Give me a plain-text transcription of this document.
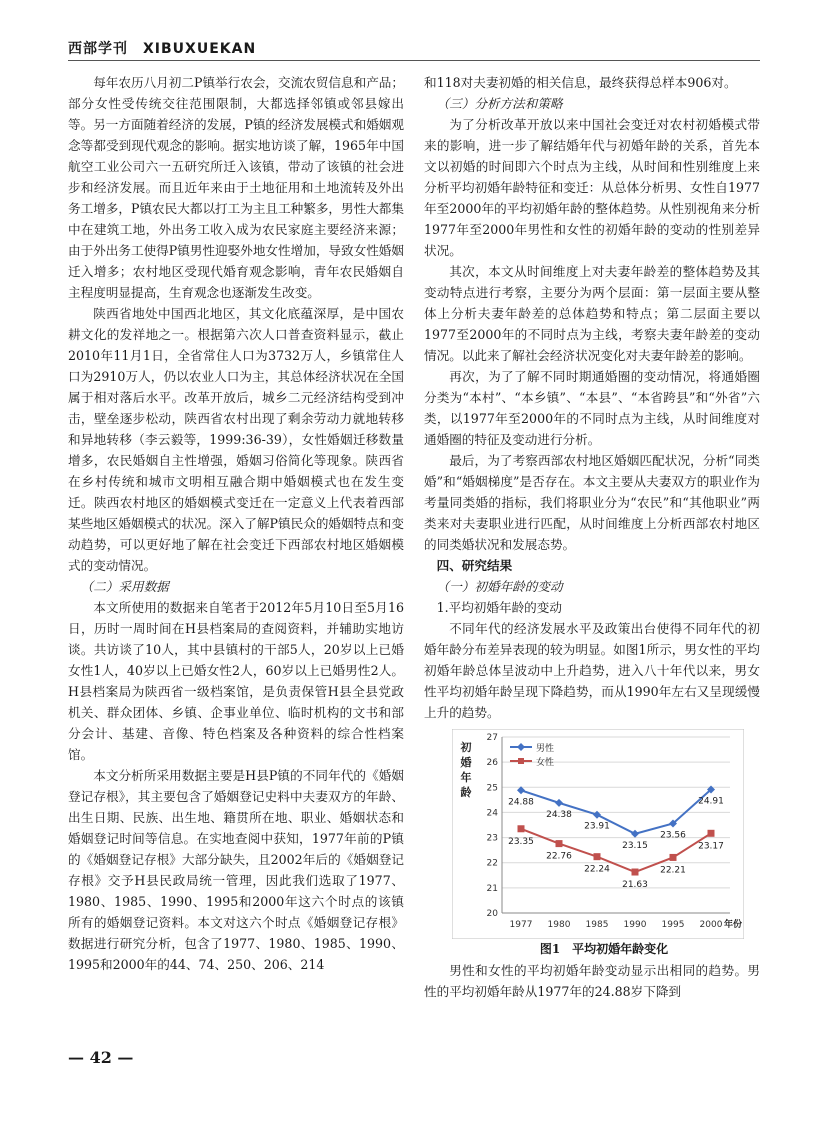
西部学刊　XIBUXUEKAN

每年农历八月初二P镇举行农会，交流农贸信息和产品；部分女性受传统交往范围限制，大都选择邻镇或邻县嫁出等。另一方面随着经济的发展，P镇的经济发展模式和婚姻观念等都受到现代观念的影响。据实地访谈了解，1965年中国航空工业公司六一五研究所迁入该镇，带动了该镇的社会进步和经济发展。而且近年来由于土地征用和土地流转及外出务工增多，P镇农民大都以打工为主且工种繁多，男性大都集中在建筑工地，外出务工收入成为农民家庭主要经济来源；由于外出务工使得P镇男性迎娶外地女性增加，导致女性婚姻迁入增多；农村地区受现代婚育观念影响，青年农民婚姻自主程度明显提高，生育观念也逐渐发生改变。

陕西省地处中国西北地区，其文化底蕴深厚，是中国农耕文化的发祥地之一。根据第六次人口普查资料显示，截止2010年11月1日，全省常住人口为3732万人，乡镇常住人口为2910万人，仍以农业人口为主，其总体经济状况在全国属于相对落后水平。改革开放后，城乡二元经济结构受到冲击，壁垒逐步松动，陕西省农村出现了剩余劳动力就地转移和异地转移（李云毅等，1999:36-39），女性婚姻迁移数量增多，农民婚姻自主性增强，婚姻习俗简化等现象。陕西省在乡村传统和城市文明相互融合期中婚姻模式也在发生变迁。陕西农村地区的婚姻模式变迁在一定意义上代表着西部某些地区婚姻模式的状况。深入了解P镇民众的婚姻特点和变动趋势，可以更好地了解在社会变迁下西部农村地区婚姻模式的变动情况。

（二）采用数据

本文所使用的数据来自笔者于2012年5月10日至5月16日，历时一周时间在H县档案局的查阅资料，并辅助实地访谈。共访谈了10人，其中县镇村的干部5人，20岁以上已婚女性1人，40岁以上已婚女性2人，60岁以上已婚男性2人。H县档案局为陕西省一级档案馆，是负责保管H县全县党政机关、群众团体、乡镇、企事业单位、临时机构的文书和部分会计、基建、音像、特色档案及各种资料的综合性档案馆。

本文分析所采用数据主要是H县P镇的不同年代的《婚姻登记存根》，其主要包含了婚姻登记史料中夫妻双方的年龄、出生日期、民族、出生地、籍贯所在地、职业、婚姻状态和婚姻登记时间等信息。在实地查阅中获知，1977年前的P镇的《婚姻登记存根》大部分缺失，且2002年后的《婚姻登记存根》交予H县民政局统一管理，因此我们选取了1977、1980、1985、1990、1995和2000年这六个时点的该镇所有的婚姻登记资料。本文对这六个时点《婚姻登记存根》数据进行研究分析，包含了1977、1980、1985、1990、1995和2000年的44、74、250、206、214

和118对夫妻初婚的相关信息，最终获得总样本906对。

（三）分析方法和策略

为了分析改革开放以来中国社会变迁对农村初婚模式带来的影响，进一步了解结婚年代与初婚年龄的关系，首先本文以初婚的时间即六个时点为主线，从时间和性别维度上来分析平均初婚年龄特征和变迁：从总体分析男、女性自1977年至2000年的平均初婚年龄的整体趋势。从性别视角来分析1977年至2000年男性和女性的初婚年龄的变动的性别差异状况。

其次，本文从时间维度上对夫妻年龄差的整体趋势及其变动特点进行考察，主要分为两个层面：第一层面主要从整体上分析夫妻年龄差的总体趋势和特点；第二层面主要以1977至2000年的不同时点为主线，考察夫妻年龄差的变动情况。以此来了解社会经济状况变化对夫妻年龄差的影响。

再次，为了了解不同时期通婚圈的变动情况，将通婚圈分类为“本村”、“本乡镇”、“本县”、“本省跨县”和“外省”六类，以1977年至2000年的不同时点为主线，从时间维度对通婚圈的特征及变动进行分析。

最后，为了考察西部农村地区婚姻匹配状况，分析“同类婚”和“婚姻梯度”是否存在。本文主要从夫妻双方的职业作为考量同类婚的指标，我们将职业分为“农民”和“其他职业”两类来对夫妻职业进行匹配，从时间维度上分析西部农村地区的同类婚状况和发展态势。

四、研究结果

（一）初婚年龄的变动

1.平均初婚年龄的变动

不同年代的经济发展水平及政策出台使得不同年代的初婚年龄分布差异表现的较为明显。如图1所示，男女性的平均初婚年龄总体呈波动中上升趋势，进入八十年代以来，男女性平均初婚年龄呈现下降趋势，而从1990年左右又呈现缓慢上升的趋势。

20
21
22
23
24
25
26
27
初
婚
年
龄
1977 1980 1985 1990 1995 2000 年份
24.88
24.38
23.91
23.15
23.56
24.91
23.35
22.76
22.24
21.63
22.21
23.17
男性
女性

图1　平均初婚年龄变化

男性和女性的平均初婚年龄变动显示出相同的趋势。男性的平均初婚年龄从1977年的24.88岁下降到

— 42 —
